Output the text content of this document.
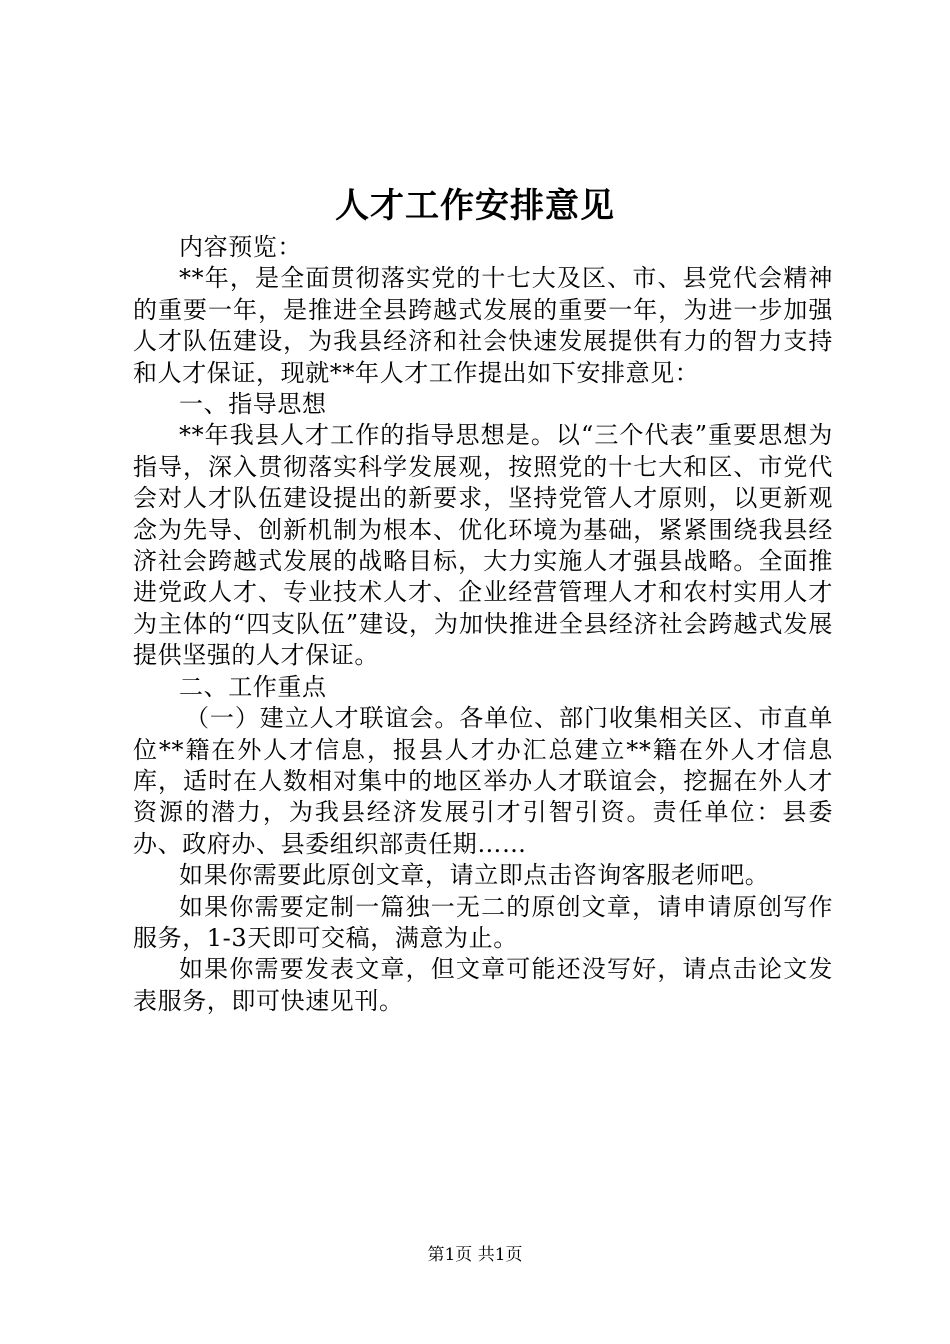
人才工作安排意见

内容预览：

**年，是全面贯彻落实党的十七大及区、市、县党代会精神的重要一年，是推进全县跨越式发展的重要一年，为进一步加强人才队伍建设，为我县经济和社会快速发展提供有力的智力支持和人才保证，现就**年人才工作提出如下安排意见：

一、指导思想

**年我县人才工作的指导思想是。以“三个代表”重要思想为指导，深入贯彻落实科学发展观，按照党的十七大和区、市党代会对人才队伍建设提出的新要求，坚持党管人才原则，以更新观念为先导、创新机制为根本、优化环境为基础，紧紧围绕我县经济社会跨越式发展的战略目标，大力实施人才强县战略。全面推进党政人才、专业技术人才、企业经营管理人才和农村实用人才为主体的“四支队伍”建设，为加快推进全县经济社会跨越式发展提供坚强的人才保证。

二、工作重点

（一）建立人才联谊会。各单位、部门收集相关区、市直单位**籍在外人才信息，报县人才办汇总建立**籍在外人才信息库，适时在人数相对集中的地区举办人才联谊会，挖掘在外人才资源的潜力，为我县经济发展引才引智引资。责任单位：县委办、政府办、县委组织部责任期……

如果你需要此原创文章，请立即点击咨询客服老师吧。

如果你需要定制一篇独一无二的原创文章，请申请原创写作服务，1-3天即可交稿，满意为止。

如果你需要发表文章，但文章可能还没写好，请点击论文发表服务，即可快速见刊。

第1页 共1页
